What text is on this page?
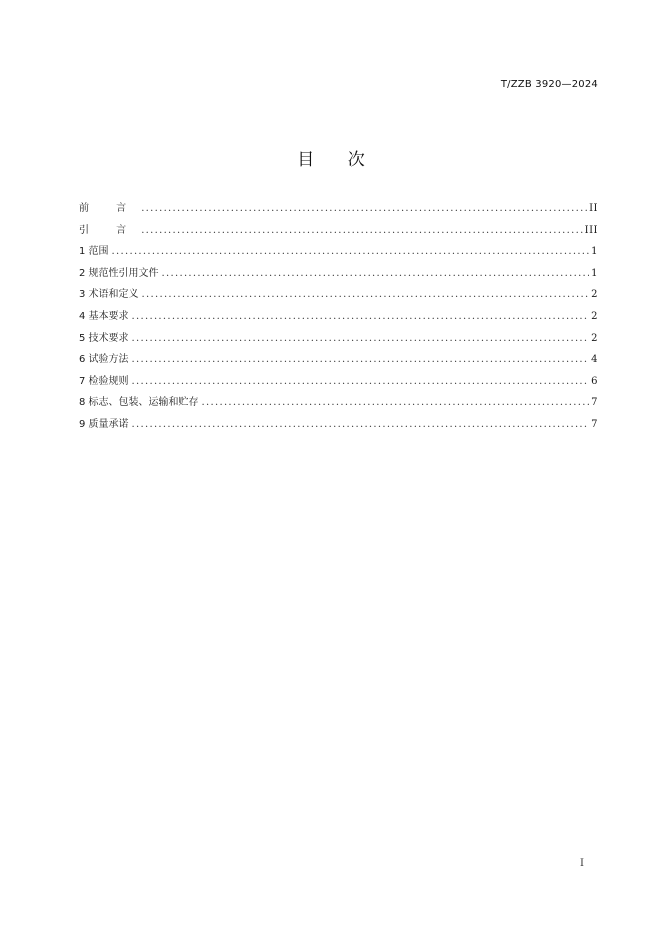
T/ZZB 3920—2024
目 次
前 言 .....	II
引 言 .....	III
1 范围 .....	1
2 规范性引用文件 .....	1
3 术语和定义 .....	2
4 基本要求 .....	2
5 技术要求 .....	2
6 试验方法 .....	4
7 检验规则 .....	6
8 标志、包装、运输和贮存 .....	7
9 质量承诺 .....	7
I
